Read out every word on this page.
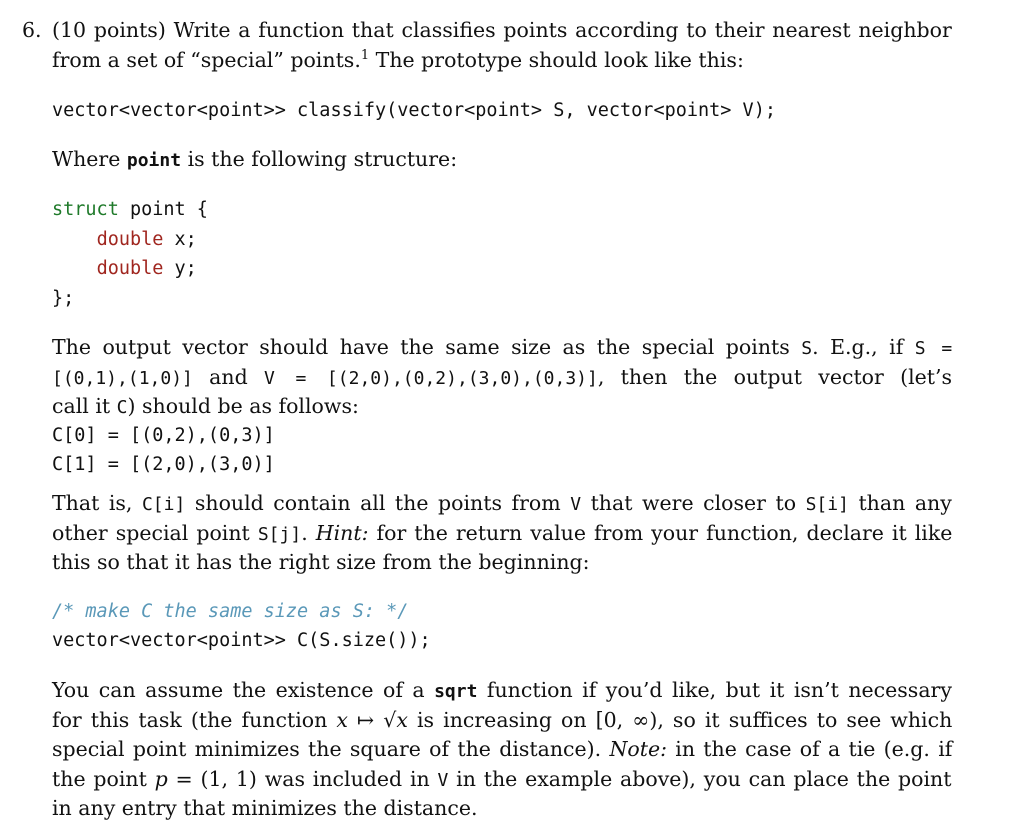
6. (10 points) Write a function that classifies points according to their nearest neighbor
from a set of “special” points.$^1$ The prototype should look like this:
vector<vector<point>> classify(vector<point> S, vector<point> V);
Where point is the following structure:
struct point {
double x;
double y;
};
The output vector should have the same size as the special points S. E.g., if S =
[(0,1),(1,0)] and V = [(2,0),(0,2),(3,0),(0,3)], then the output vector (let’s
call it C) should be as follows:
C[0] = [(0,2),(0,3)]
C[1] = [(2,0),(3,0)]
That is, C[i] should contain all the points from V that were closer to S[i] than any
other special point S[j]. Hint: for the return value from your function, declare it like
this so that it has the right size from the beginning:
/* make C the same size as S: */
vector<vector<point>> C(S.size());
You can assume the existence of a sqrt function if you’d like, but it isn’t necessary
for this task (the function x ↦ √x is increasing on [0, ∞), so it suffices to see which
special point minimizes the square of the distance). Note: in the case of a tie (e.g. if
the point p = (1, 1) was included in V in the example above), you can place the point
in any entry that minimizes the distance.
